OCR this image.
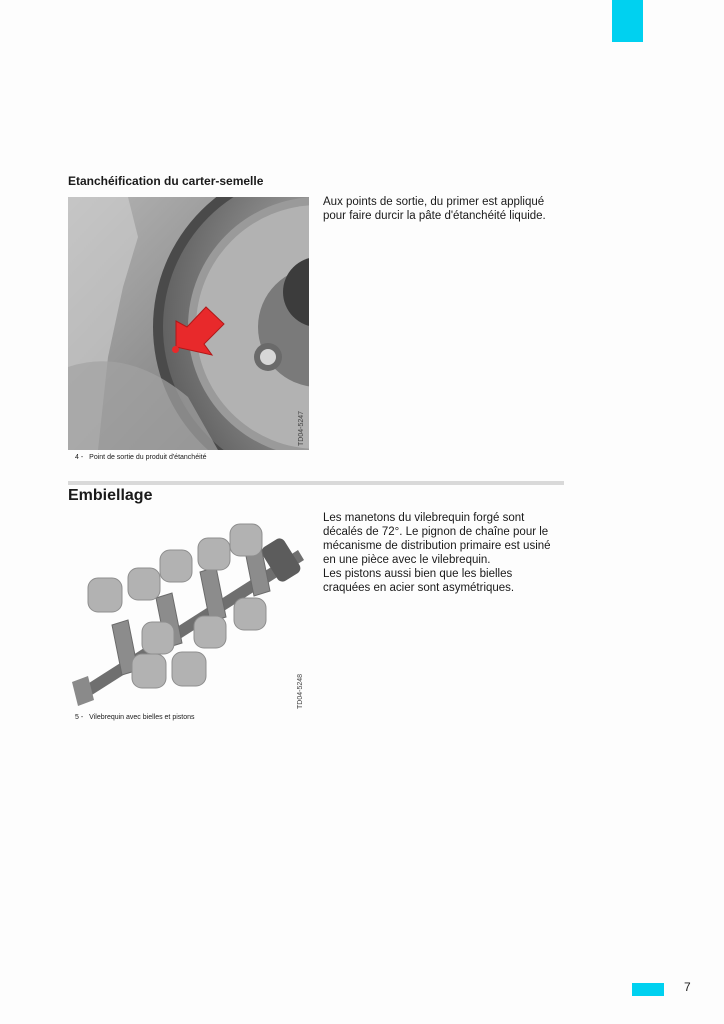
Etanchéification du carter-semelle
TD04-5247
4 - Point de sortie du produit d'étanchéité
Aux points de sortie, du primer est appliqué
pour faire durcir la pâte d'étanchéité liquide.
Embiellage
TD04-5248
5 - Vilebrequin avec bielles et pistons
Les manetons du vilebrequin forgé sont
décalés de 72°. Le pignon de chaîne pour le
mécanisme de distribution primaire est usiné
en une pièce avec le vilebrequin.
Les pistons aussi bien que les bielles
craquées en acier sont asymétriques.
7
